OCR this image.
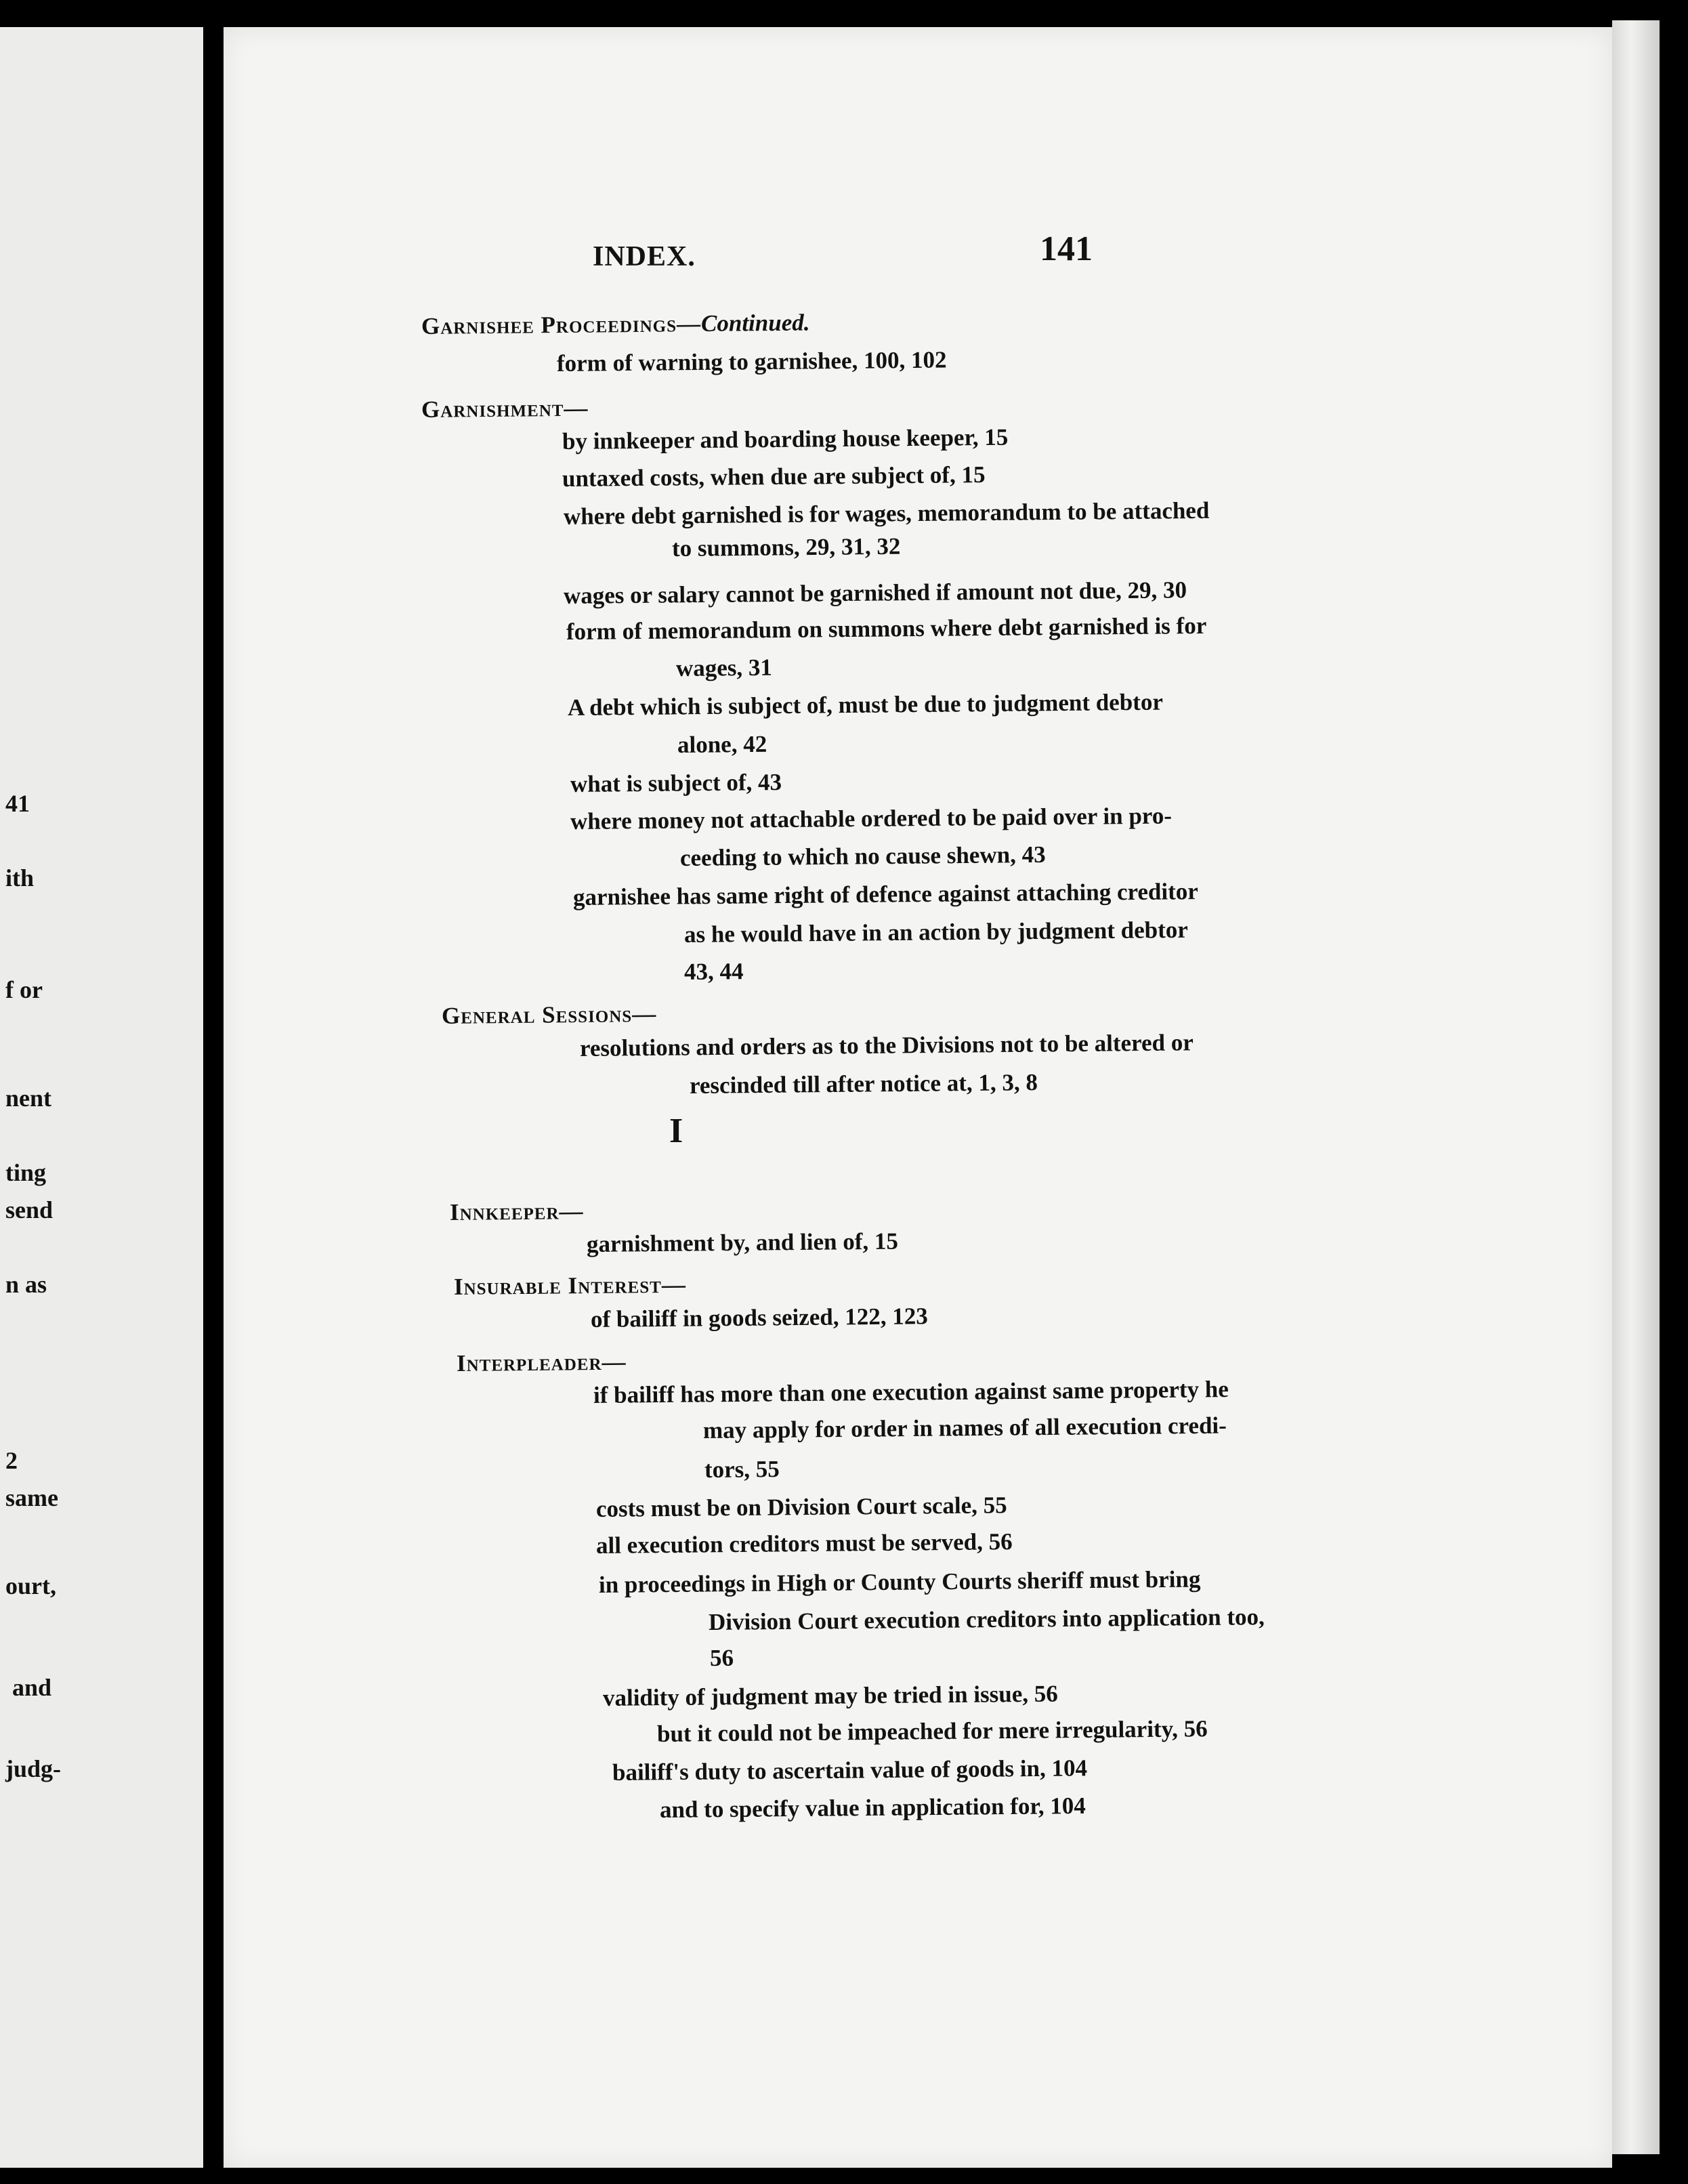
41
ith
f or
nent
ting
send
n as
2
same
ourt,
and
judg-
INDEX.	141
I
Garnishee Proceedings—Continued.
form of warning to garnishee, 100, 102
Garnishment—
by innkeeper and boarding house keeper, 15
untaxed costs, when due are subject of, 15
where debt garnished is for wages, memorandum to be attached
to summons, 29, 31, 32
wages or salary cannot be garnished if amount not due, 29, 30
form of memorandum on summons where debt garnished is for
wages, 31
A debt which is subject of, must be due to judgment debtor
alone, 42
what is subject of, 43
where money not attachable ordered to be paid over in pro-
ceeding to which no cause shewn, 43
garnishee has same right of defence against attaching creditor
as he would have in an action by judgment debtor
43, 44
General Sessions—
resolutions and orders as to the Divisions not to be altered or
rescinded till after notice at, 1, 3, 8
Innkeeper—
garnishment by, and lien of, 15
Insurable Interest—
of bailiff in goods seized, 122, 123
Interpleader—
if bailiff has more than one execution against same property he
may apply for order in names of all execution credi-
tors, 55
costs must be on Division Court scale, 55
all execution creditors must be served, 56
in proceedings in High or County Courts sheriff must bring
Division Court execution creditors into application too,
56
validity of judgment may be tried in issue, 56
but it could not be impeached for mere irregularity, 56
bailiff's duty to ascertain value of goods in, 104
and to specify value in application for, 104
